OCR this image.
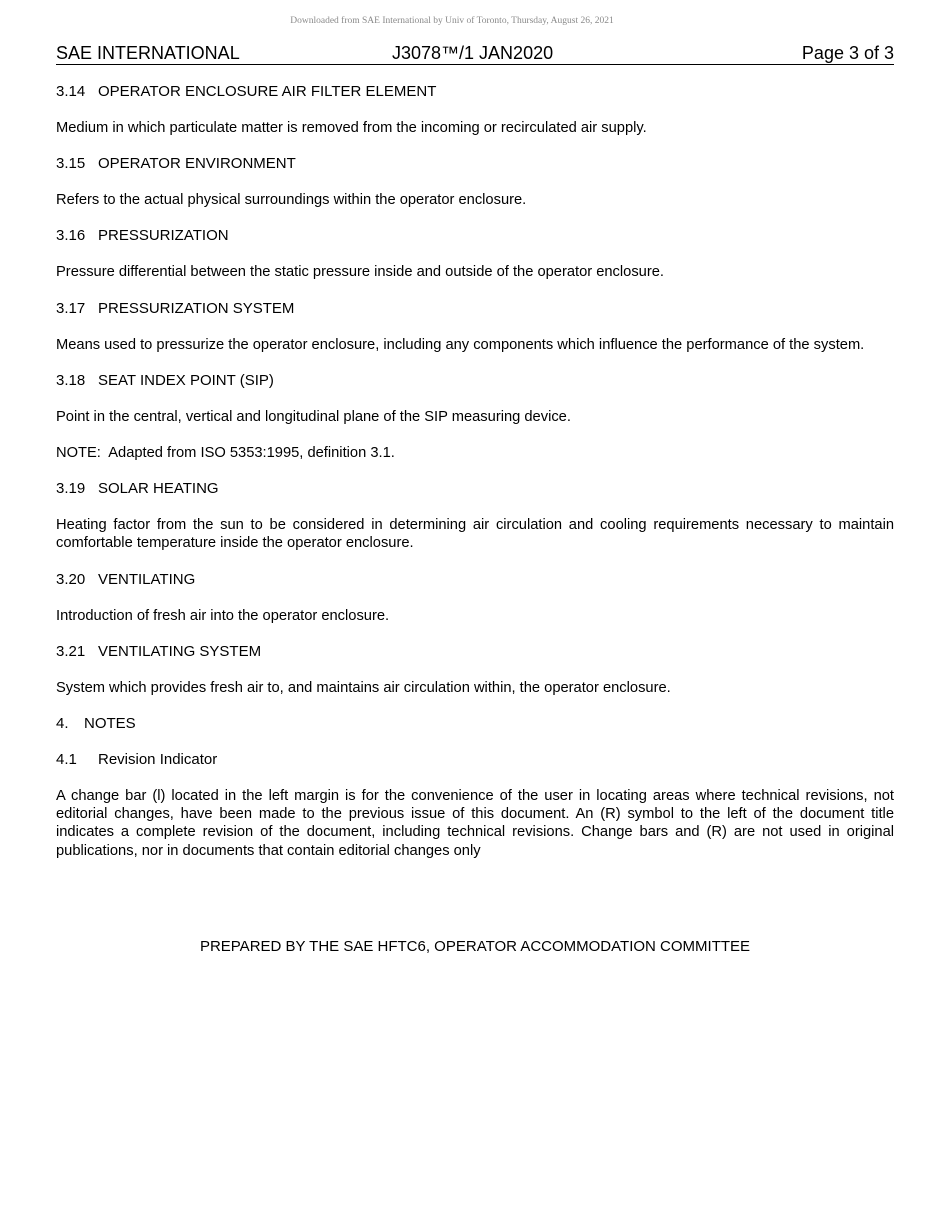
Downloaded from SAE International by Univ of Toronto, Thursday, August 26, 2021
SAE INTERNATIONAL	J3078™/1 JAN2020	Page 3 of 3
3.14 OPERATOR ENCLOSURE AIR FILTER ELEMENT
Medium in which particulate matter is removed from the incoming or recirculated air supply.
3.15 OPERATOR ENVIRONMENT
Refers to the actual physical surroundings within the operator enclosure.
3.16 PRESSURIZATION
Pressure differential between the static pressure inside and outside of the operator enclosure.
3.17 PRESSURIZATION SYSTEM
Means used to pressurize the operator enclosure, including any components which influence the performance of the system.
3.18 SEAT INDEX POINT (SIP)
Point in the central, vertical and longitudinal plane of the SIP measuring device.
NOTE:  Adapted from ISO 5353:1995, definition 3.1.
3.19 SOLAR HEATING
Heating factor from the sun to be considered in determining air circulation and cooling requirements necessary to maintain comfortable temperature inside the operator enclosure.
3.20 VENTILATING
Introduction of fresh air into the operator enclosure.
3.21 VENTILATING SYSTEM
System which provides fresh air to, and maintains air circulation within, the operator enclosure.
4. NOTES
4.1 Revision Indicator
A change bar (l) located in the left margin is for the convenience of the user in locating areas where technical revisions, not editorial changes, have been made to the previous issue of this document. An (R) symbol to the left of the document title indicates a complete revision of the document, including technical revisions. Change bars and (R) are not used in original publications, nor in documents that contain editorial changes only
PREPARED BY THE SAE HFTC6, OPERATOR ACCOMMODATION COMMITTEE
